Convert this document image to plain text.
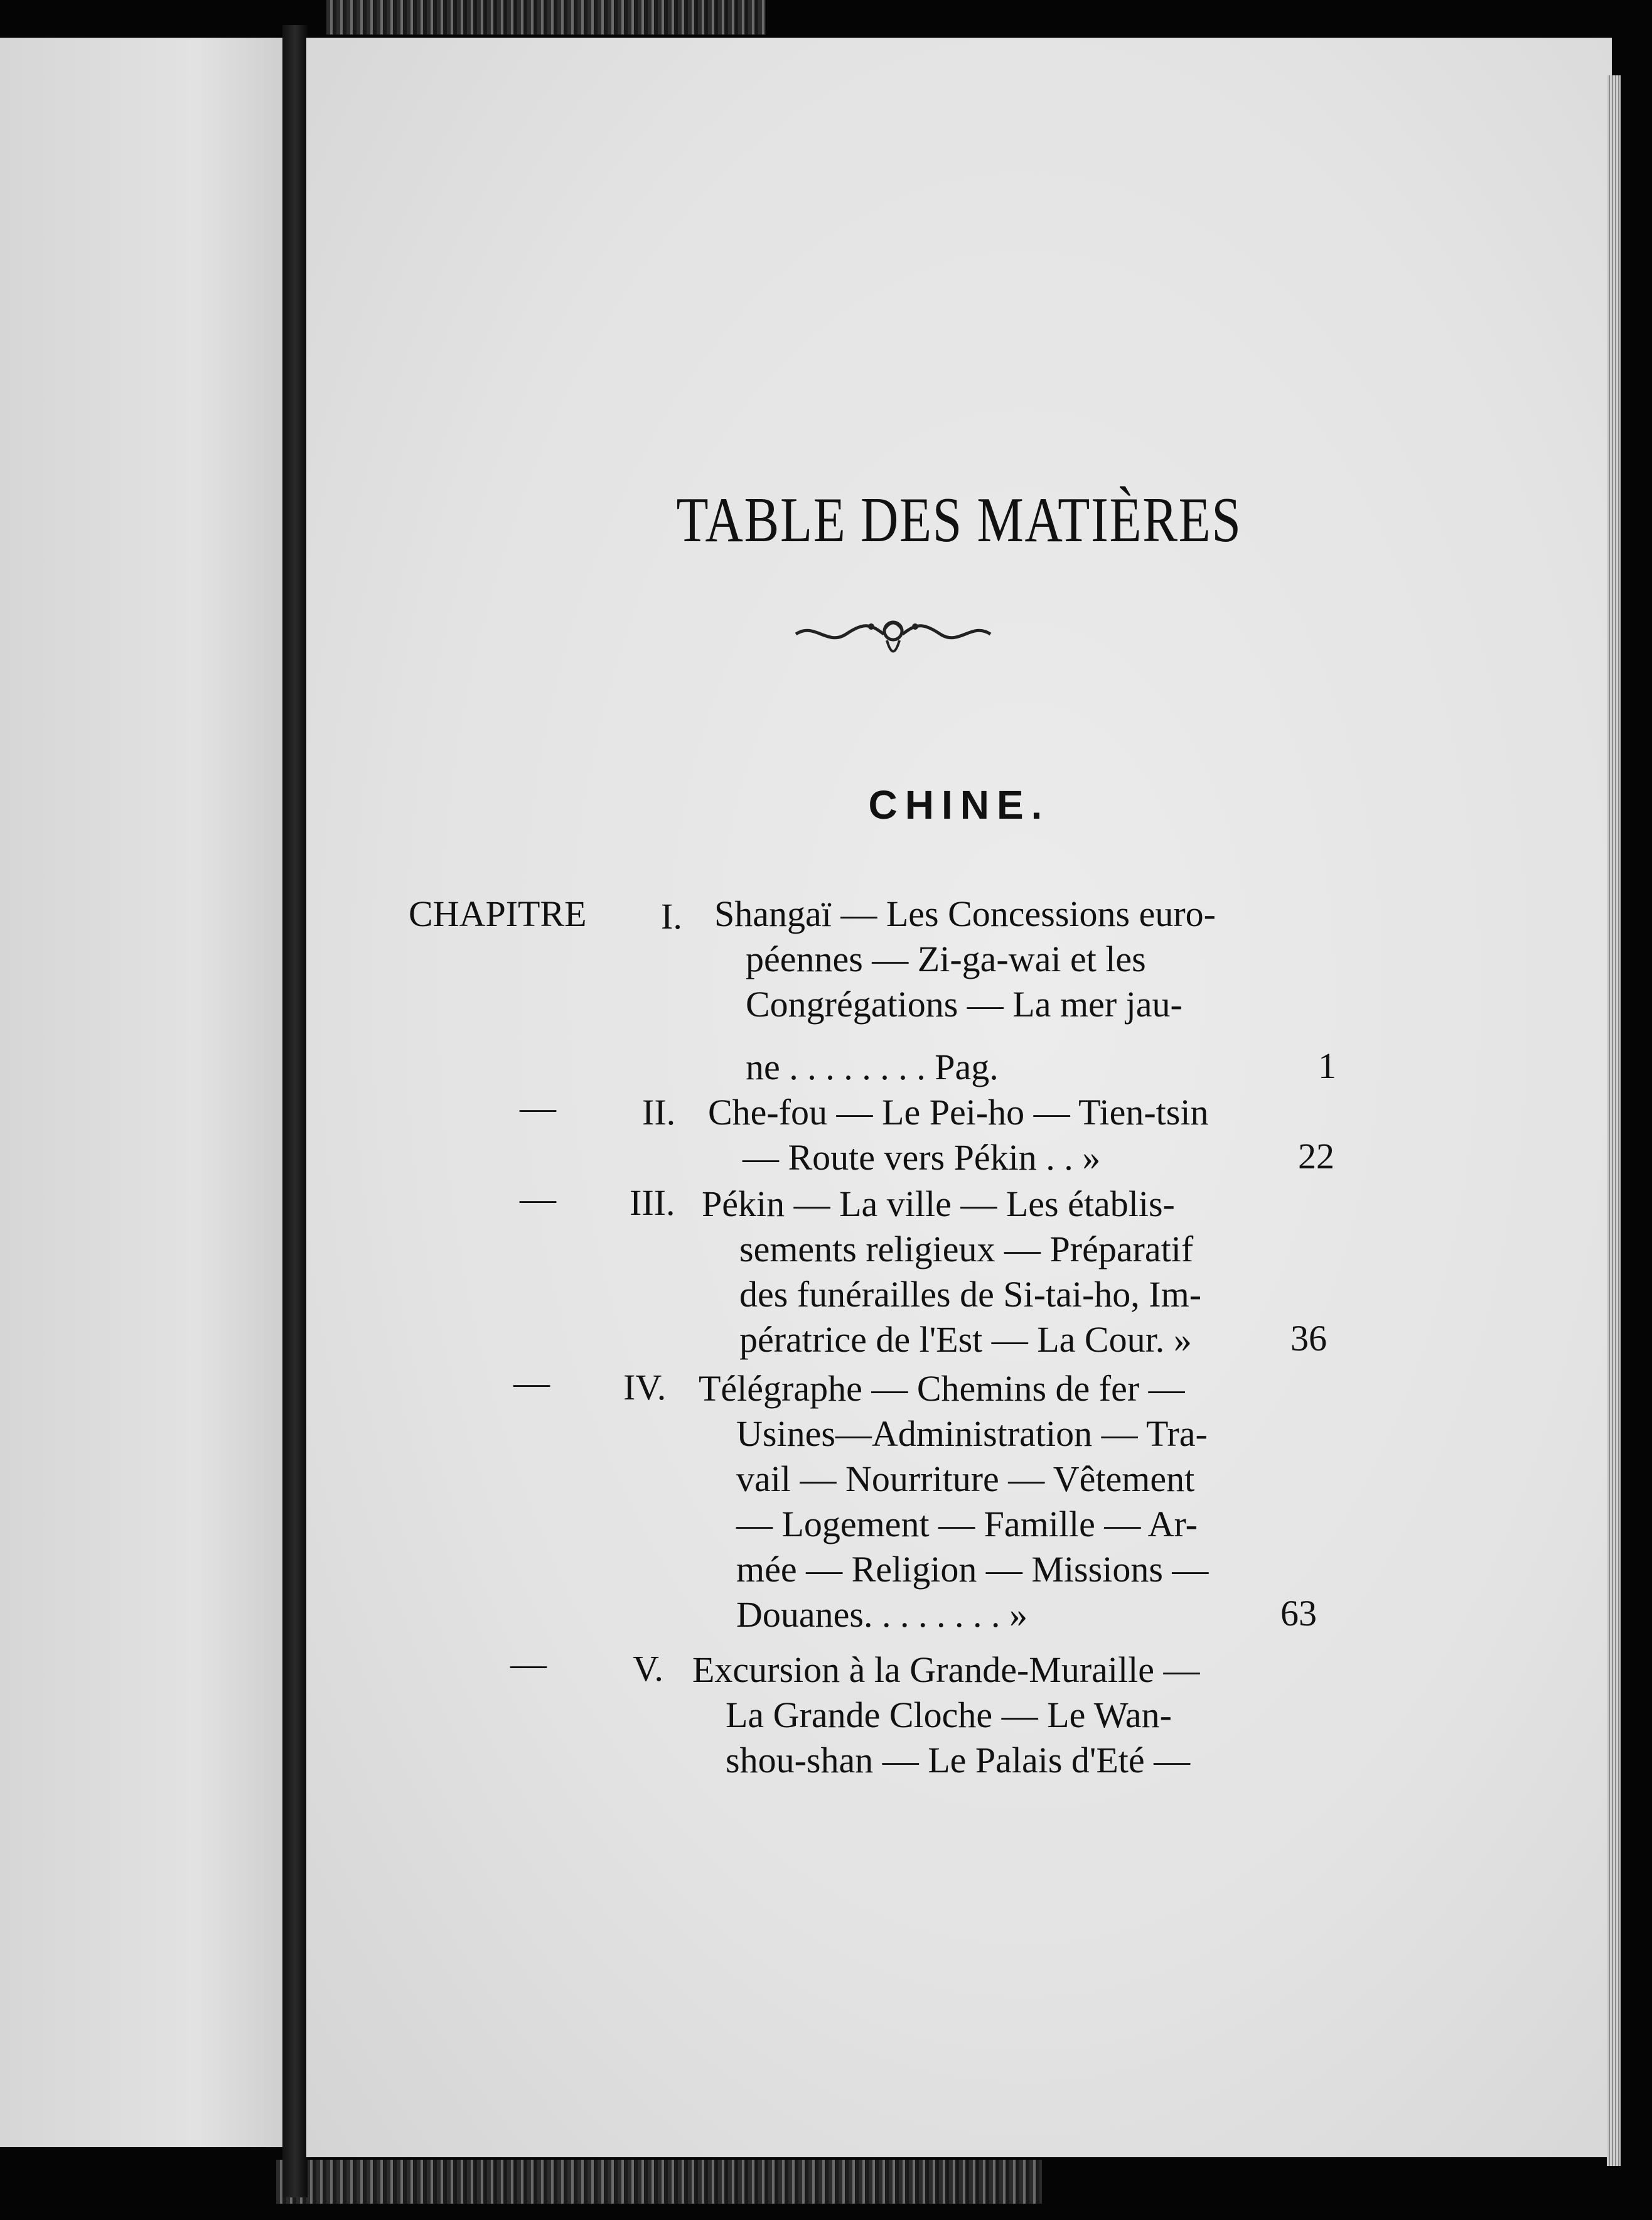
TABLE DES MATIÈRES
CHINE.
CHAPITRE I. Shangaï — Les Concessions euro-
péennes — Zi-ga-wai et les
Congrégations — La mer jau-
ne . . . . . . . . Pag.	1
— II. Che-fou — Le Pei-ho — Tien-tsin
— Route vers Pékin . . »	22
— III. Pékin — La ville — Les établis-
sements religieux — Préparatif
des funérailles de Si-tai-ho, Im-
pératrice de l'Est — La Cour. »	36
— IV. Télégraphe — Chemins de fer —
Usines—Administration — Tra-
vail — Nourriture — Vêtement
— Logement — Famille — Ar-
mée — Religion — Missions —
Douanes. . . . . . . . »	63
— V. Excursion à la Grande-Muraille —
La Grande Cloche — Le Wan-
shou-shan — Le Palais d'Eté —
